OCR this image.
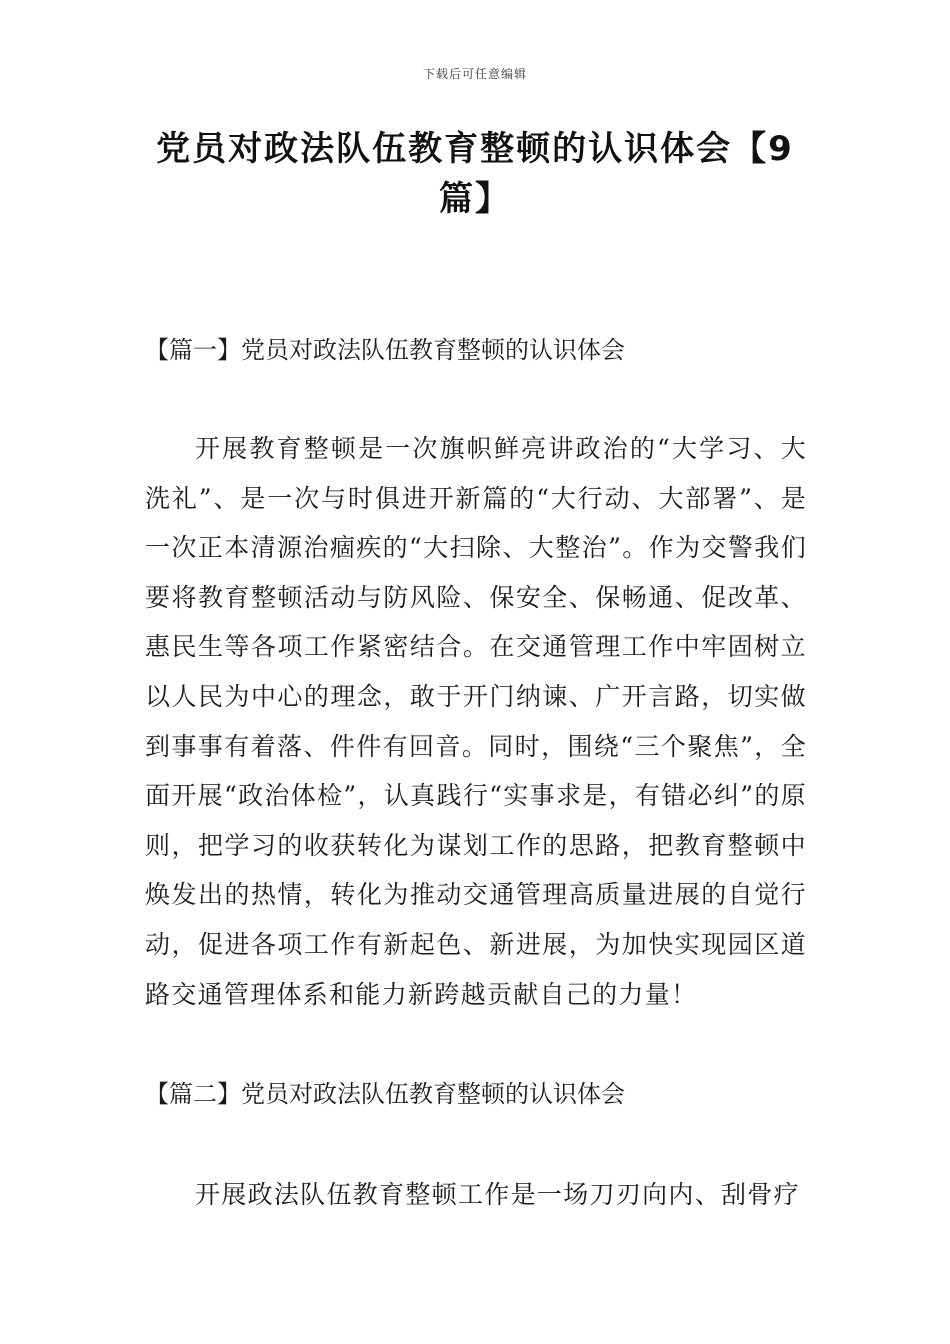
下载后可任意编辑
党员对政法队伍教育整顿的认识体会【9篇】
【篇一】党员对政法队伍教育整顿的认识体会

开展教育整顿是一次旗帜鲜亮讲政治的“大学习、大洗礼”、是一次与时俱进开新篇的“大行动、大部署”、是一次正本清源治痼疾的“大扫除、大整治”。作为交警我们要将教育整顿活动与防风险、保安全、保畅通、促改革、惠民生等各项工作紧密结合。在交通管理工作中牢固树立以人民为中心的理念，敢于开门纳谏、广开言路，切实做到事事有着落、件件有回音。同时，围绕“三个聚焦”，全面开展“政治体检”，认真践行“实事求是，有错必纠”的原则，把学习的收获转化为谋划工作的思路，把教育整顿中焕发出的热情，转化为推动交通管理高质量进展的自觉行动，促进各项工作有新起色、新进展，为加快实现园区道路交通管理体系和能力新跨越贡献自己的力量！

【篇二】党员对政法队伍教育整顿的认识体会

开展政法队伍教育整顿工作是一场刀刃向内、刮骨疗
